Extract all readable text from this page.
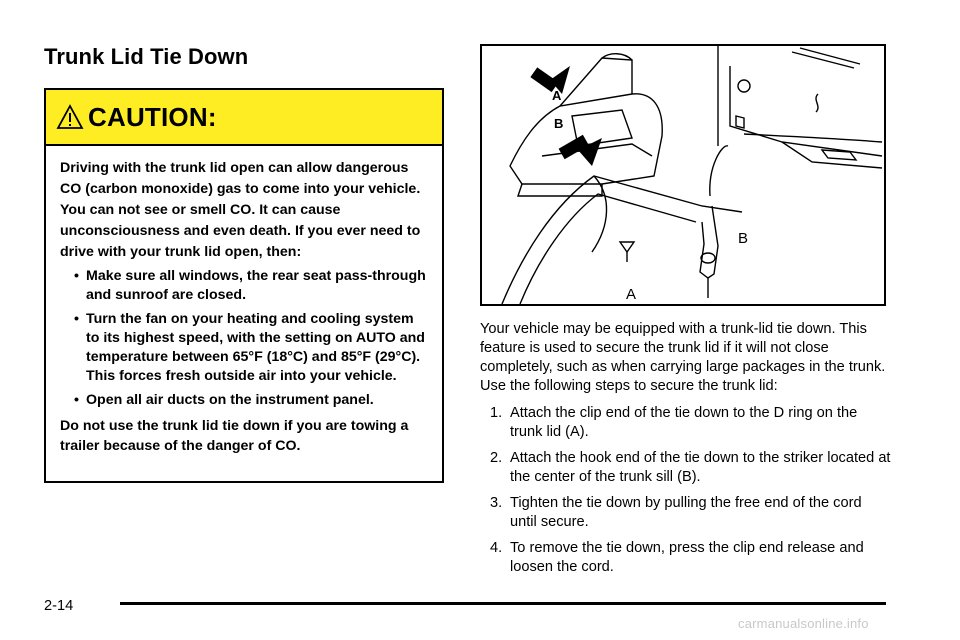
Trunk Lid Tie Down
CAUTION:

Driving with the trunk lid open can allow dangerous CO (carbon monoxide) gas to come into your vehicle. You can not see or smell CO. It can cause unconsciousness and even death. If you ever need to drive with your trunk lid open, then:

• Make sure all windows, the rear seat pass-through and sunroof are closed.
• Turn the fan on your heating and cooling system to its highest speed, with the setting on AUTO and temperature between 65°F (18°C) and 85°F (29°C). This forces fresh outside air into your vehicle.
• Open all air ducts on the instrument panel.

Do not use the trunk lid tie down if you are towing a trailer because of the danger of CO.

A
B
B
A

Your vehicle may be equipped with a trunk-lid tie down. This feature is used to secure the trunk lid if it will not close completely, such as when carrying large packages in the trunk. Use the following steps to secure the trunk lid:

1. Attach the clip end of the tie down to the D ring on the trunk lid (A).
2. Attach the hook end of the tie down to the striker located at the center of the trunk sill (B).
3. Tighten the tie down by pulling the free end of the cord until secure.
4. To remove the tie down, press the clip end release and loosen the cord.
2-14
carmanualsonline.info
